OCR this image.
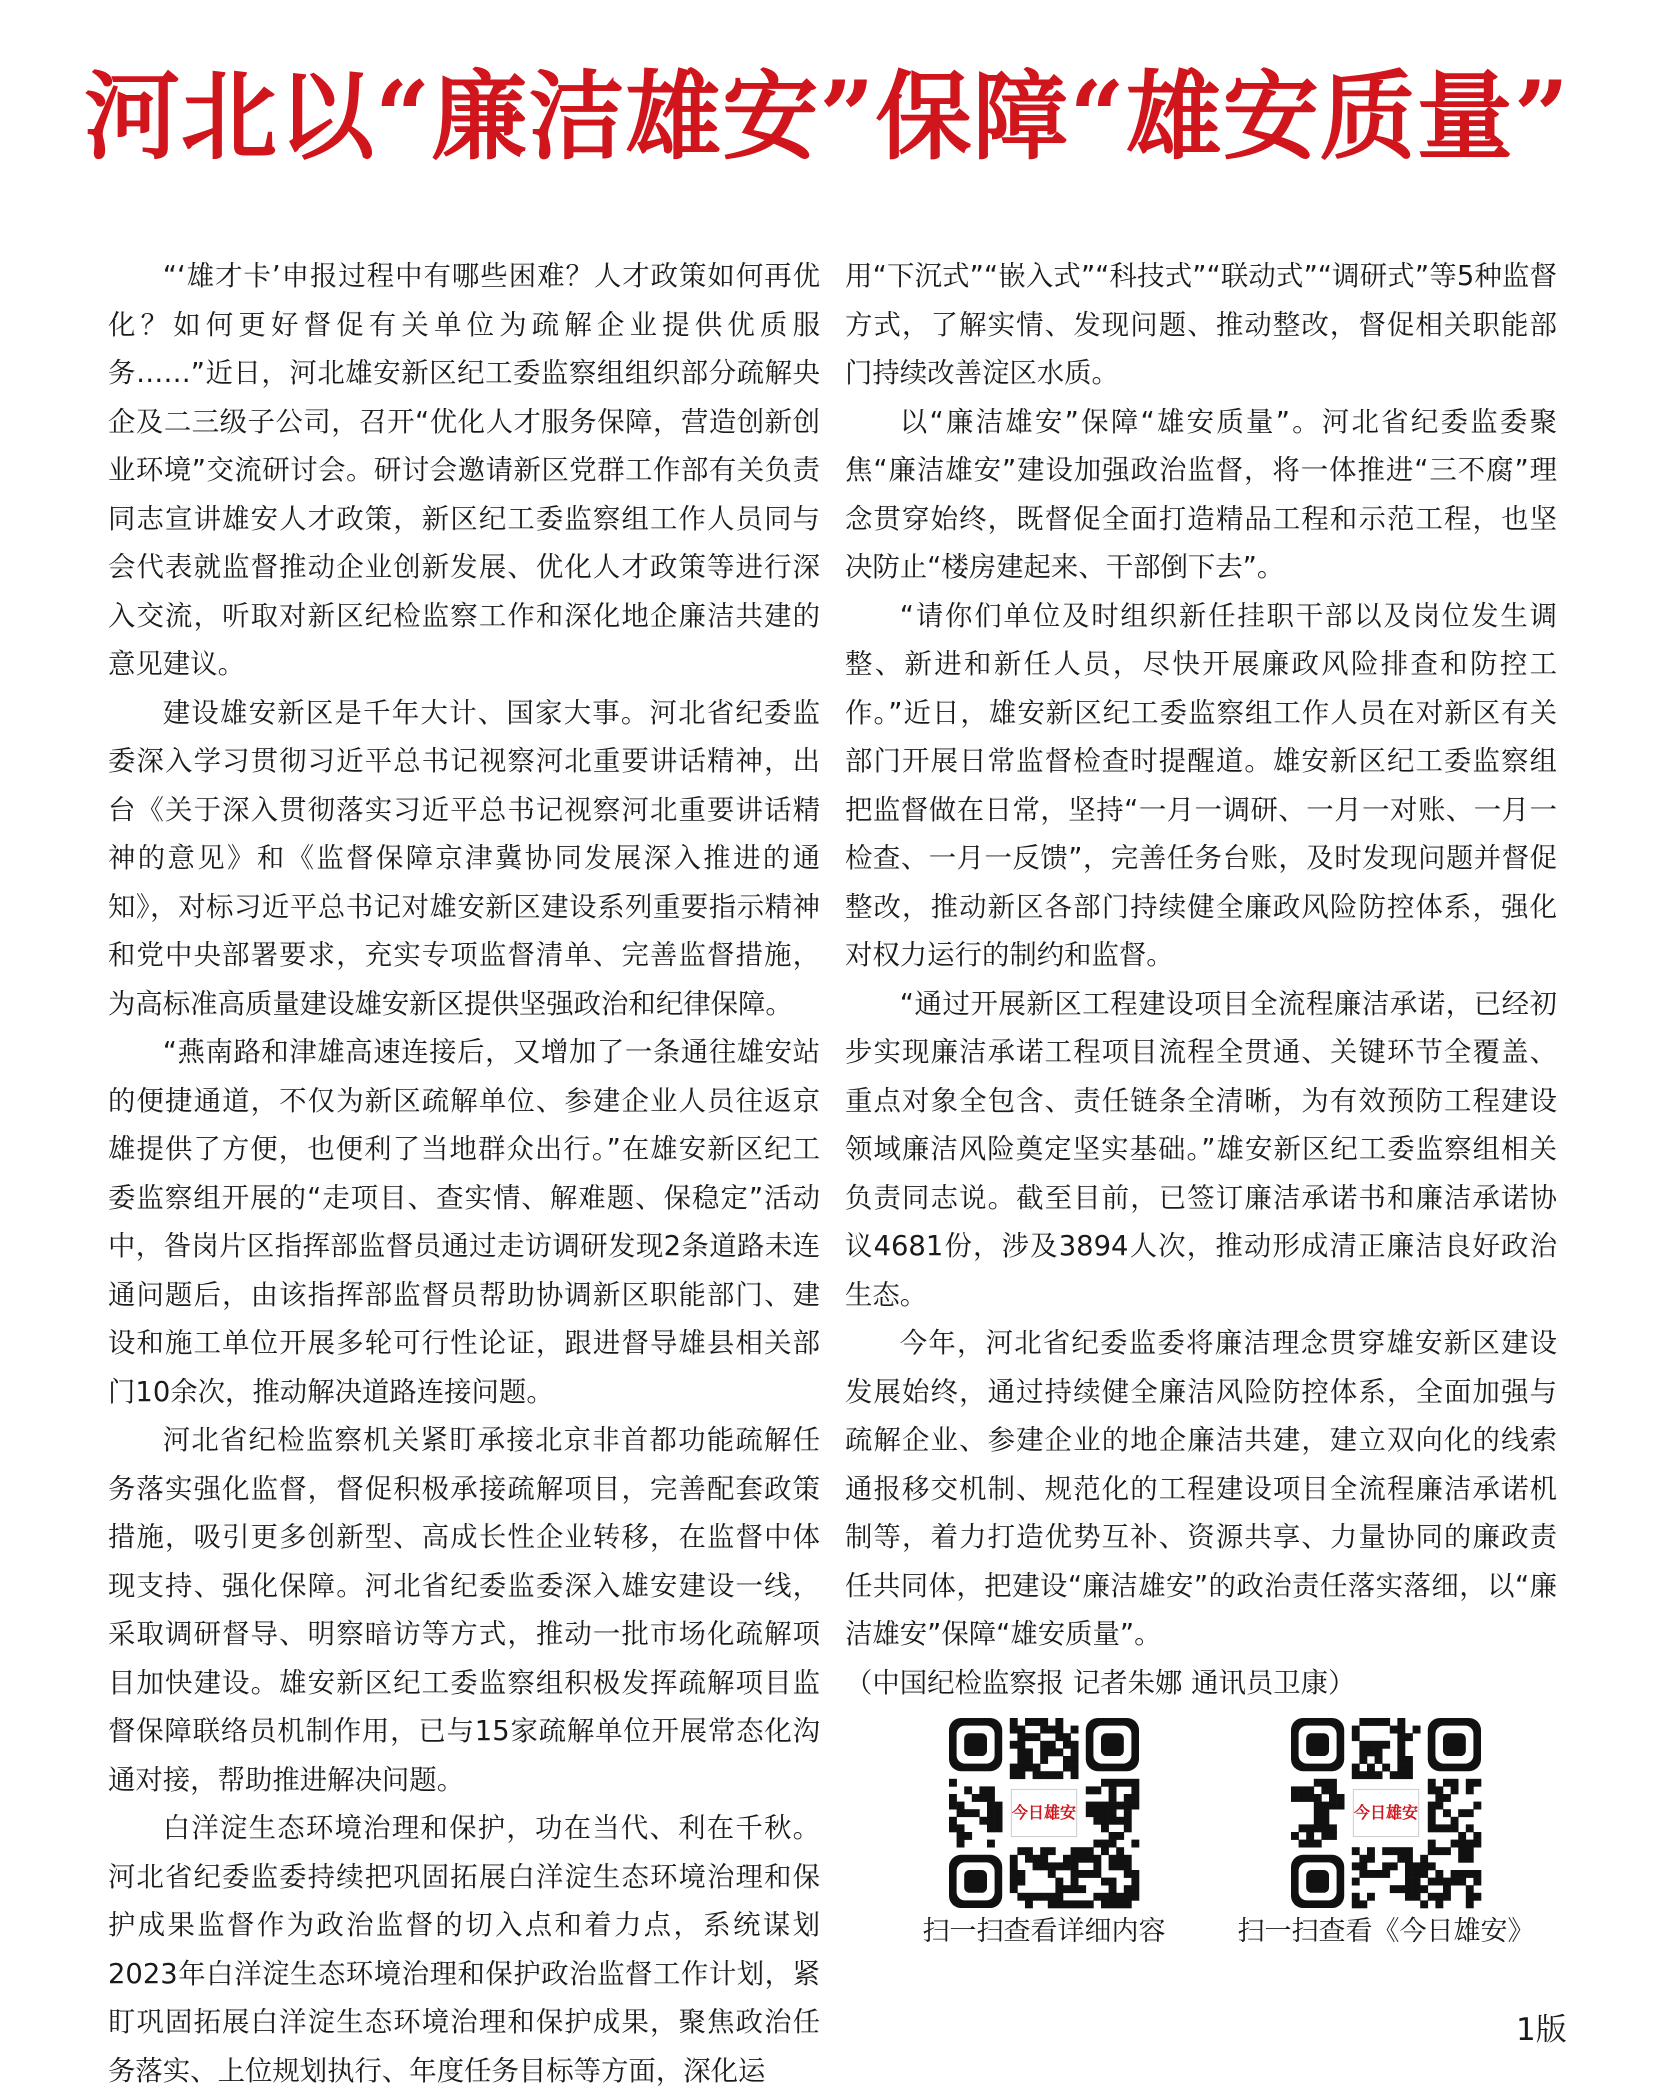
河北以“廉洁雄安”保障“雄安质量”

“‘雄才卡’申报过程中有哪些困难？人才政策如何再优化？如何更好督促有关单位为疏解企业提供优质服务……”近日，河北雄安新区纪工委监察组组织部分疏解央企及二三级子公司，召开“优化人才服务保障，营造创新创业环境”交流研讨会。研讨会邀请新区党群工作部有关负责同志宣讲雄安人才政策，新区纪工委监察组工作人员同与会代表就监督推动企业创新发展、优化人才政策等进行深入交流，听取对新区纪检监察工作和深化地企廉洁共建的意见建议。

建设雄安新区是千年大计、国家大事。河北省纪委监委深入学习贯彻习近平总书记视察河北重要讲话精神，出台《关于深入贯彻落实习近平总书记视察河北重要讲话精神的意见》和《监督保障京津冀协同发展深入推进的通知》，对标习近平总书记对雄安新区建设系列重要指示精神和党中央部署要求，充实专项监督清单、完善监督措施，为高标准高质量建设雄安新区提供坚强政治和纪律保障。

“燕南路和津雄高速连接后，又增加了一条通往雄安站的便捷通道，不仅为新区疏解单位、参建企业人员往返京雄提供了方便，也便利了当地群众出行。”在雄安新区纪工委监察组开展的“走项目、查实情、解难题、保稳定”活动中，昝岗片区指挥部监督员通过走访调研发现2条道路未连通问题后，由该指挥部监督员帮助协调新区职能部门、建设和施工单位开展多轮可行性论证，跟进督导雄县相关部门10余次，推动解决道路连接问题。

河北省纪检监察机关紧盯承接北京非首都功能疏解任务落实强化监督，督促积极承接疏解项目，完善配套政策措施，吸引更多创新型、高成长性企业转移，在监督中体现支持、强化保障。河北省纪委监委深入雄安建设一线，采取调研督导、明察暗访等方式，推动一批市场化疏解项目加快建设。雄安新区纪工委监察组积极发挥疏解项目监督保障联络员机制作用，已与15家疏解单位开展常态化沟通对接，帮助推进解决问题。

白洋淀生态环境治理和保护，功在当代、利在千秋。河北省纪委监委持续把巩固拓展白洋淀生态环境治理和保护成果监督作为政治监督的切入点和着力点，系统谋划2023年白洋淀生态环境治理和保护政治监督工作计划，紧盯巩固拓展白洋淀生态环境治理和保护成果，聚焦政治任务落实、上位规划执行、年度任务目标等方面，深化运

用“下沉式”“嵌入式”“科技式”“联动式”“调研式”等5种监督方式，了解实情、发现问题、推动整改，督促相关职能部门持续改善淀区水质。

以“廉洁雄安”保障“雄安质量”。河北省纪委监委聚焦“廉洁雄安”建设加强政治监督，将一体推进“三不腐”理念贯穿始终，既督促全面打造精品工程和示范工程，也坚决防止“楼房建起来、干部倒下去”。

“请你们单位及时组织新任挂职干部以及岗位发生调整、新进和新任人员，尽快开展廉政风险排查和防控工作。”近日，雄安新区纪工委监察组工作人员在对新区有关部门开展日常监督检查时提醒道。雄安新区纪工委监察组把监督做在日常，坚持“一月一调研、一月一对账、一月一检查、一月一反馈”，完善任务台账，及时发现问题并督促整改，推动新区各部门持续健全廉政风险防控体系，强化对权力运行的制约和监督。

“通过开展新区工程建设项目全流程廉洁承诺，已经初步实现廉洁承诺工程项目流程全贯通、关键环节全覆盖、重点对象全包含、责任链条全清晰，为有效预防工程建设领域廉洁风险奠定坚实基础。”雄安新区纪工委监察组相关负责同志说。截至目前，已签订廉洁承诺书和廉洁承诺协议4681份，涉及3894人次，推动形成清正廉洁良好政治生态。

今年，河北省纪委监委将廉洁理念贯穿雄安新区建设发展始终，通过持续健全廉洁风险防控体系，全面加强与疏解企业、参建企业的地企廉洁共建，建立双向化的线索通报移交机制、规范化的工程建设项目全流程廉洁承诺机制等，着力打造优势互补、资源共享、力量协同的廉政责任共同体，把建设“廉洁雄安”的政治责任落实落细，以“廉洁雄安”保障“雄安质量”。

（中国纪检监察报 记者朱娜 通讯员卫康）

今日雄安
扫一扫查看详细内容
今日雄安
扫一扫查看《今日雄安》
1版
